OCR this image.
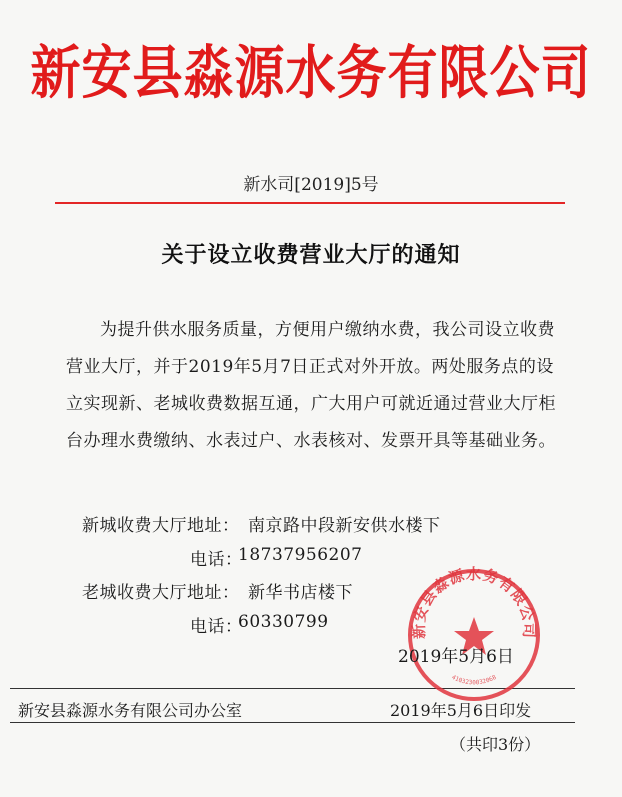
新安县淼源水务有限公司
新水司[2019]5号
关于设立收费营业大厅的通知

为提升供水服务质量，方便用户缴纳水费，我公司设立收费营业大厅，并于2019年5月7日正式对外开放。两处服务点的设立实现新、老城收费数据互通，广大用户可就近通过营业大厅柜台办理水费缴纳、水表过户、水表核对、发票开具等基础业务。

新城收费大厅地址： 南京路中段新安供水楼下
电话：
18737956207
老城收费大厅地址： 新华书店楼下
电话：
60330799	新安县淼源水务有限公司
4103230032068
2019年5月6日
新安县淼源水务有限公司办公室	2019年5月6日印发
（共印3份）
